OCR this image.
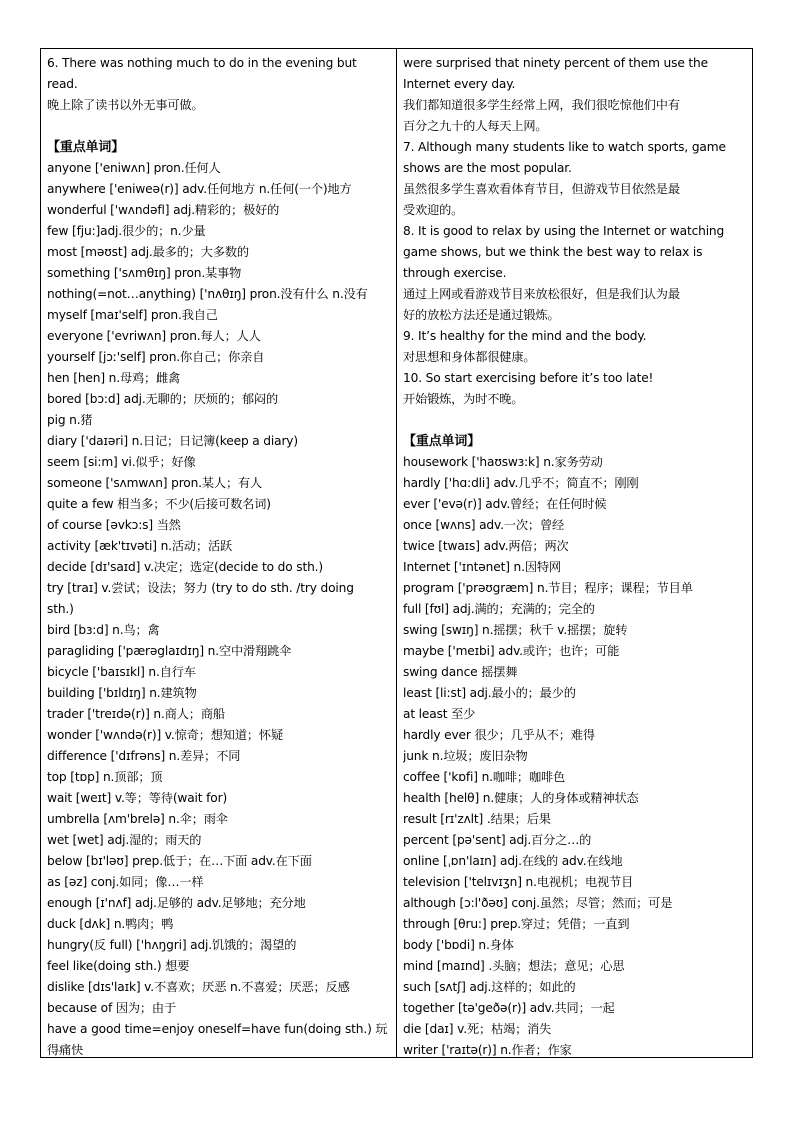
6. There was nothing much to do in the evening but
read.
晚上除了读书以外无事可做。
【重点单词】
anyone ['eniwʌn] pron.任何人
anywhere ['eniweə(r)] adv.任何地方 n.任何(一个)地方
wonderful ['wʌndəfl] adj.精彩的；极好的
few [fju:]adj.很少的；n.少量
most [məʊst] adj.最多的；大多数的
something ['sʌmθɪŋ] pron.某事物
nothing(=not…anything) ['nʌθɪŋ] pron.没有什么 n.没有
myself [maɪ'self] pron.我自己
everyone ['evriwʌn] pron.每人；人人
yourself [jɔː'self] pron.你自己；你亲自
hen [hen] n.母鸡；雌禽
bored [bɔ:d] adj.无聊的；厌烦的；郁闷的
pig n.猪
diary ['daɪəri] n.日记；日记簿(keep a diary)
seem [si:m] vi.似乎；好像
someone ['sʌmwʌn] pron.某人；有人
quite a few 相当多；不少(后接可数名词)
of course [əvkɔ:s] 当然
activity [æk'tɪvəti] n.活动；活跃
decide [dɪ'saɪd] v.决定；选定(decide to do sth.)
try [traɪ] v.尝试；设法；努力 (try to do sth. /try doing
sth.)
bird [bɜ:d] n.鸟；禽
paragliding ['pærəglaɪdɪŋ] n.空中滑翔跳伞
bicycle ['baɪsɪkl] n.自行车
building ['bɪldɪŋ] n.建筑物
trader ['treɪdə(r)] n.商人；商船
wonder ['wʌndə(r)] v.惊奇；想知道；怀疑
difference ['dɪfrəns] n.差异；不同
top [tɒp] n.顶部；顶
wait [weɪt] v.等；等待(wait for)
umbrella [ʌm'brelə] n.伞；雨伞
wet [wet] adj.湿的；雨天的
below [bɪ'ləʊ] prep.低于；在…下面 adv.在下面
as [əz] conj.如同；像…一样
enough [ɪ'nʌf] adj.足够的 adv.足够地；充分地
duck [dʌk] n.鸭肉；鸭
hungry(反 full) ['hʌŋgri] adj.饥饿的；渴望的
feel like(doing sth.) 想要
dislike [dɪs'laɪk] v.不喜欢；厌恶 n.不喜爱；厌恶；反感
because of 因为；由于
have a good time=enjoy oneself=have fun(doing sth.) 玩
得痛快
were surprised that ninety percent of them use the
Internet every day.
我们都知道很多学生经常上网，我们很吃惊他们中有
百分之九十的人每天上网。
7. Although many students like to watch sports, game
shows are the most popular.
虽然很多学生喜欢看体育节目，但游戏节目依然是最
受欢迎的。
8. It is good to relax by using the Internet or watching
game shows, but we think the best way to relax is
through exercise.
通过上网或看游戏节目来放松很好，但是我们认为最
好的放松方法还是通过锻炼。
9. It’s healthy for the mind and the body.
对思想和身体都很健康。
10. So start exercising before it’s too late!
开始锻炼，为时不晚。
【重点单词】
housework ['haʊswɜ:k] n.家务劳动
hardly ['hɑ:dli] adv.几乎不；简直不；刚刚
ever ['evə(r)] adv.曾经；在任何时候
once [wʌns] adv.一次；曾经
twice [twaɪs] adv.两倍；两次
Internet ['ɪntənet] n.因特网
program ['prəʊgræm] n.节目；程序；课程；节目单
full [fʊl] adj.满的；充满的；完全的
swing [swɪŋ] n.摇摆；秋千 v.摇摆；旋转
maybe ['meɪbi] adv.或许；也许；可能
swing dance 摇摆舞
least [li:st] adj.最小的；最少的
at least 至少
hardly ever 很少；几乎从不；难得
junk n.垃圾；废旧杂物
coffee ['kɒfi] n.咖啡；咖啡色
health [helθ] n.健康；人的身体或精神状态
result [rɪ'zʌlt] .结果；后果
percent [pə'sent] adj.百分之…的
online [ˌɒn'laɪn] adj.在线的 adv.在线地
television ['telɪvɪʒn] n.电视机；电视节目
although [ɔ:l'ðəʊ] conj.虽然；尽管；然而；可是
through [θru:] prep.穿过；凭借；一直到
body ['bɒdi] n.身体
mind [maɪnd] .头脑；想法；意见；心思
such [sʌtʃ] adj.这样的；如此的
together [tə'geðə(r)] adv.共同；一起
die [daɪ] v.死；枯竭；消失
writer ['raɪtə(r)] n.作者；作家
